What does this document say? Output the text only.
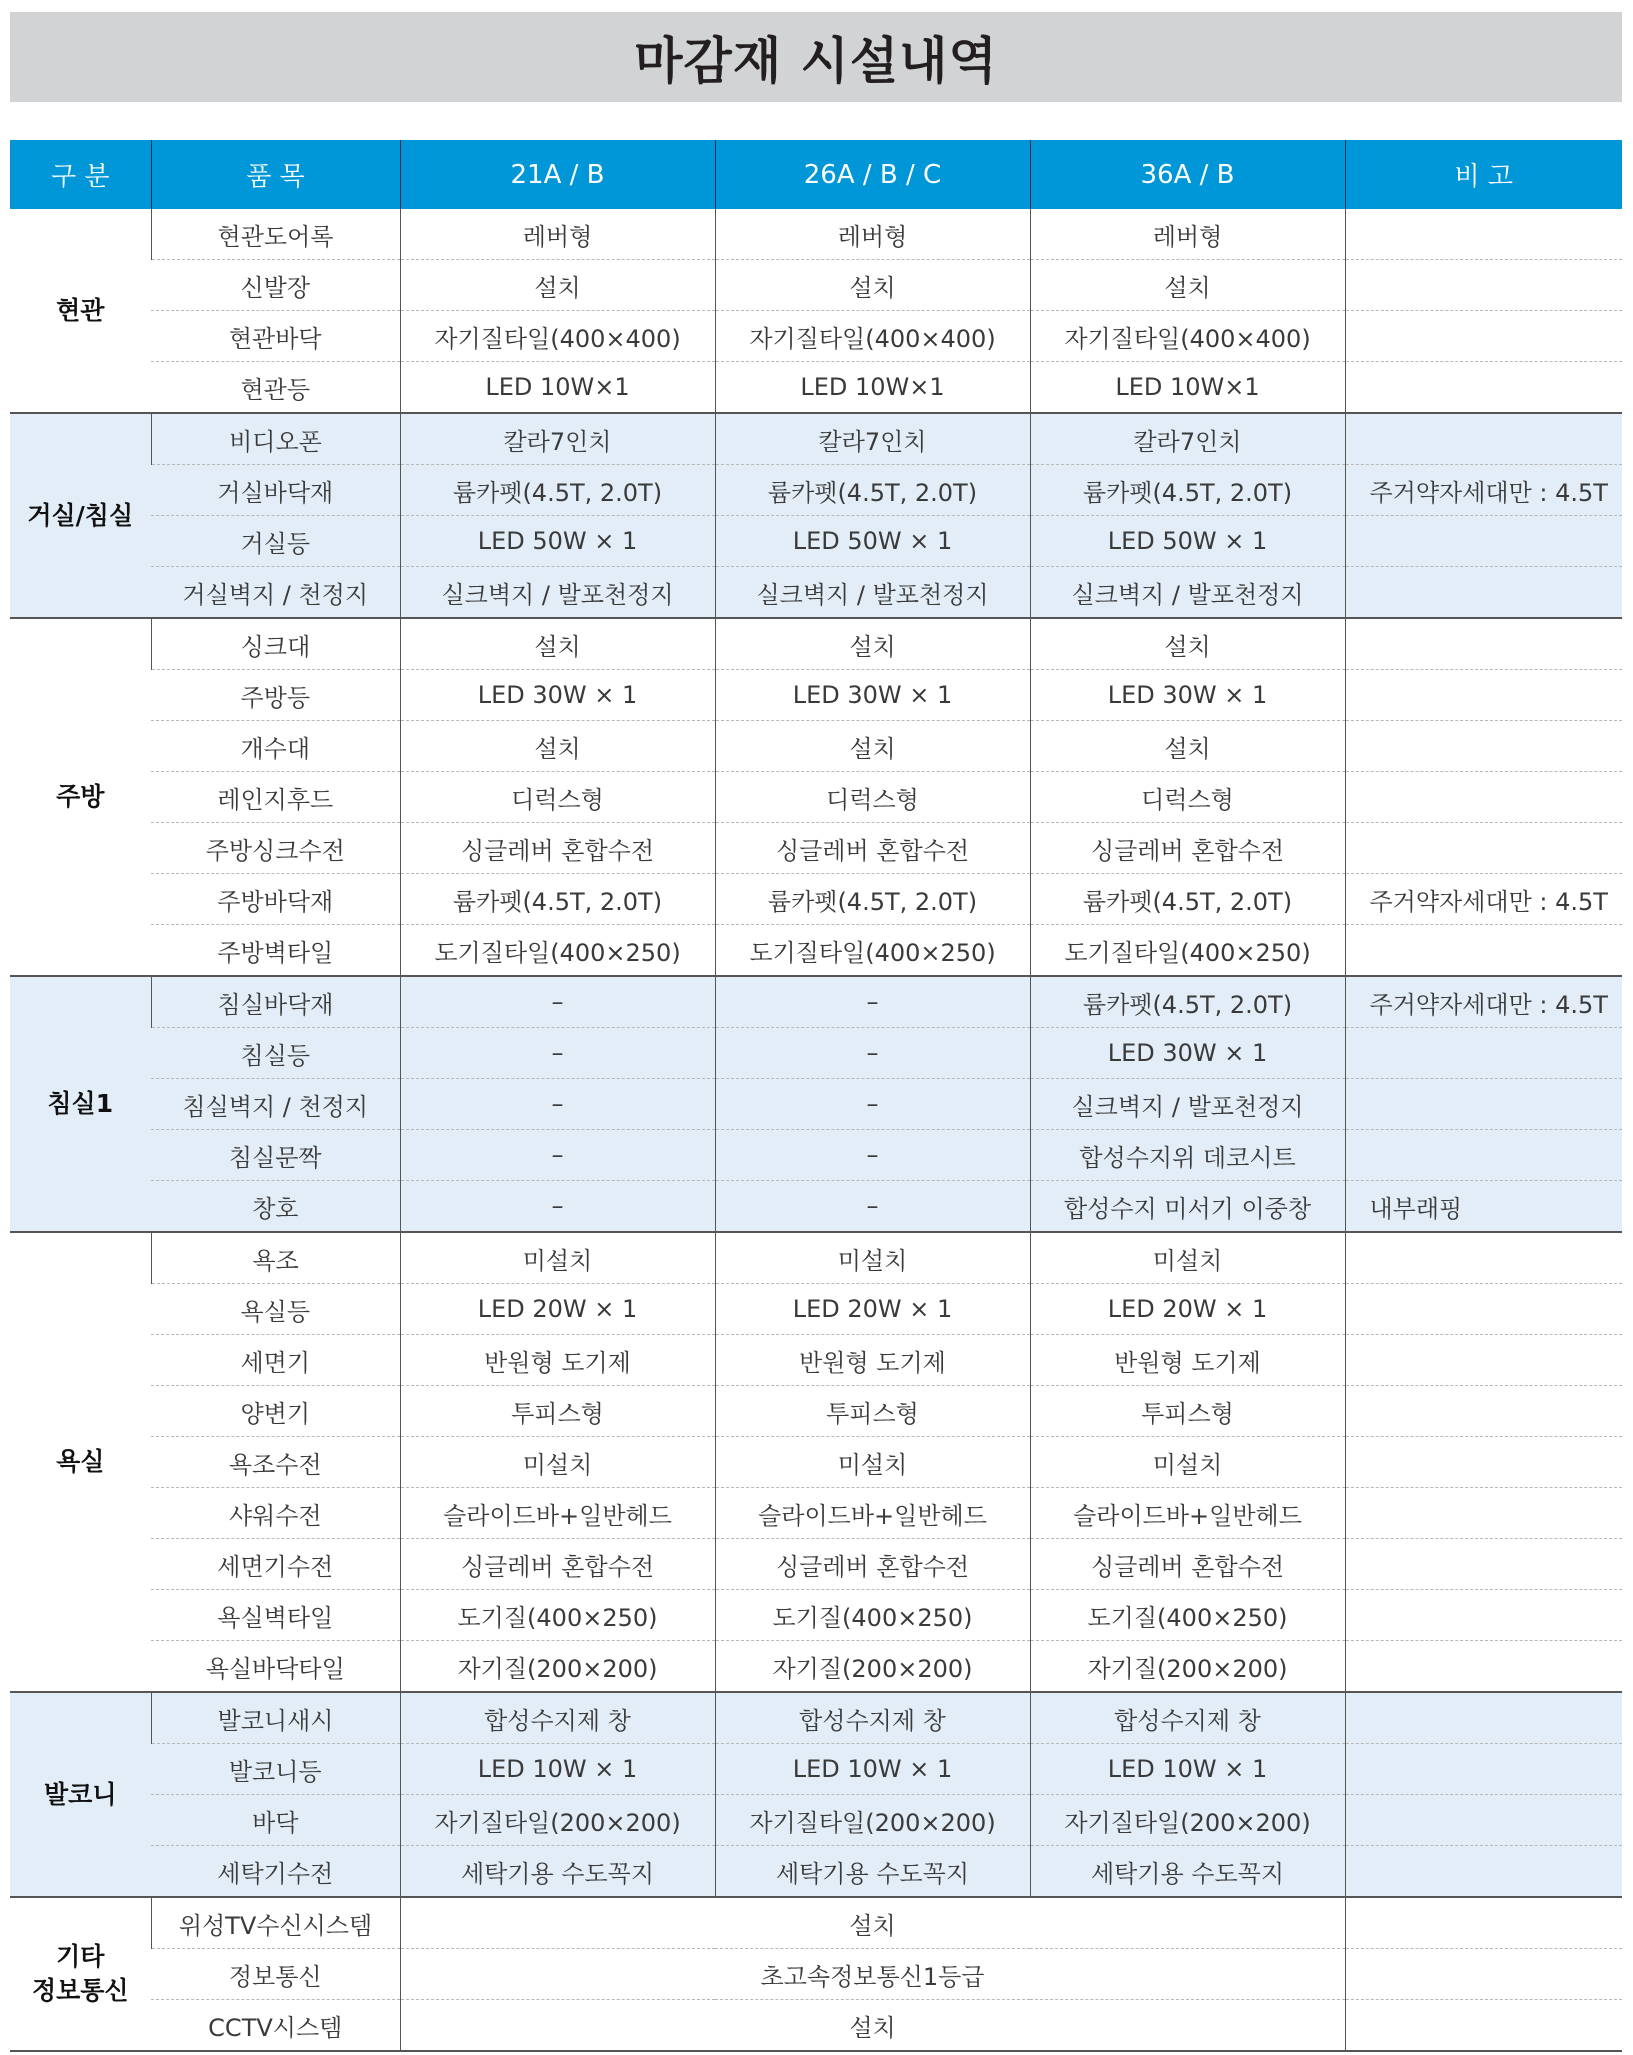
마감재 시설내역
구 분	품 목	21A / B	26A / B / C	36A / B	비 고
현관	현관도어록	레버형	레버형	레버형	
	신발장	설치	설치	설치	
	현관바닥	자기질타일(400×400)	자기질타일(400×400)	자기질타일(400×400)	
	현관등	LED 10W×1	LED 10W×1	LED 10W×1	
거실/침실	비디오폰	칼라7인치	칼라7인치	칼라7인치	
	거실바닥재	륨카펫(4.5T, 2.0T)	륨카펫(4.5T, 2.0T)	륨카펫(4.5T, 2.0T)	주거약자세대만 : 4.5T
	거실등	LED 50W × 1	LED 50W × 1	LED 50W × 1	
	거실벽지 / 천정지	실크벽지 / 발포천정지	실크벽지 / 발포천정지	실크벽지 / 발포천정지	
주방	싱크대	설치	설치	설치	
	주방등	LED 30W × 1	LED 30W × 1	LED 30W × 1	
	개수대	설치	설치	설치	
	레인지후드	디럭스형	디럭스형	디럭스형	
	주방싱크수전	싱글레버 혼합수전	싱글레버 혼합수전	싱글레버 혼합수전	
	주방바닥재	륨카펫(4.5T, 2.0T)	륨카펫(4.5T, 2.0T)	륨카펫(4.5T, 2.0T)	주거약자세대만 : 4.5T
	주방벽타일	도기질타일(400×250)	도기질타일(400×250)	도기질타일(400×250)	
침실1	침실바닥재	–	–	륨카펫(4.5T, 2.0T)	주거약자세대만 : 4.5T
	침실등	–	–	LED 30W × 1	
	침실벽지 / 천정지	–	–	실크벽지 / 발포천정지	
	침실문짝	–	–	합성수지위 데코시트	
	창호	–	–	합성수지 미서기 이중창	내부래핑
욕실	욕조	미설치	미설치	미설치	
	욕실등	LED 20W × 1	LED 20W × 1	LED 20W × 1	
	세면기	반원형 도기제	반원형 도기제	반원형 도기제	
	양변기	투피스형	투피스형	투피스형	
	욕조수전	미설치	미설치	미설치	
	샤워수전	슬라이드바+일반헤드	슬라이드바+일반헤드	슬라이드바+일반헤드	
	세면기수전	싱글레버 혼합수전	싱글레버 혼합수전	싱글레버 혼합수전	
	욕실벽타일	도기질(400×250)	도기질(400×250)	도기질(400×250)	
	욕실바닥타일	자기질(200×200)	자기질(200×200)	자기질(200×200)	
발코니	발코니새시	합성수지제 창	합성수지제 창	합성수지제 창	
	발코니등	LED 10W × 1	LED 10W × 1	LED 10W × 1	
	바닥	자기질타일(200×200)	자기질타일(200×200)	자기질타일(200×200)	
	세탁기수전	세탁기용 수도꼭지	세탁기용 수도꼭지	세탁기용 수도꼭지	
기타
정보통신	위성TV수신시스템	설치			
	정보통신	초고속정보통신1등급			
	CCTV시스템	설치			
